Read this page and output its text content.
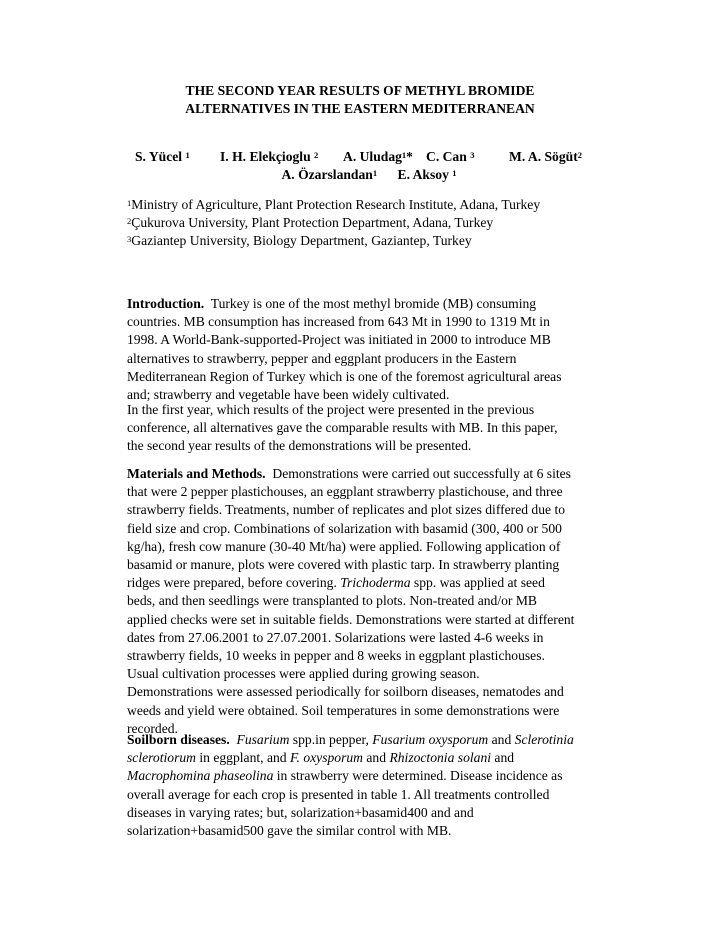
THE SECOND YEAR RESULTS OF METHYL BROMIDE
ALTERNATIVES IN THE EASTERN MEDITERRANEAN
S. Yücel $^1$ I. H. Elekçioglu $^2$ A. Uludag$^1$* C. Can $^3$	M. A. Sögüt$^2$
A. Özarslandan$^1$ E. Aksoy $^1$
$^1$Ministry of Agriculture, Plant Protection Research Institute, Adana, Turkey
$^2$Çukurova University, Plant Protection Department, Adana, Turkey
$^3$Gaziantep University, Biology Department, Gaziantep, Turkey
Introduction. Turkey is one of the most methyl bromide (MB) consuming
countries. MB consumption has increased from 643 Mt in 1990 to 1319 Mt in
1998. A World-Bank-supported-Project was initiated in 2000 to introduce MB
alternatives to strawberry, pepper and eggplant producers in the Eastern
Mediterranean Region of Turkey which is one of the foremost agricultural areas
and; strawberry and vegetable have been widely cultivated.
In the first year, which results of the project were presented in the previous
conference, all alternatives gave the comparable results with MB. In this paper,
the second year results of the demonstrations will be presented.
Materials and Methods. Demonstrations were carried out successfully at 6 sites
that were 2 pepper plastichouses, an eggplant strawberry plastichouse, and three
strawberry fields. Treatments, number of replicates and plot sizes differed due to
field size and crop. Combinations of solarization with basamid (300, 400 or 500
kg/ha), fresh cow manure (30-40 Mt/ha) were applied. Following application of
basamid or manure, plots were covered with plastic tarp. In strawberry planting
ridges were prepared, before covering. Trichoderma spp. was applied at seed
beds, and then seedlings were transplanted to plots. Non-treated and/or MB
applied checks were set in suitable fields. Demonstrations were started at different
dates from 27.06.2001 to 27.07.2001. Solarizations were lasted 4-6 weeks in
strawberry fields, 10 weeks in pepper and 8 weeks in eggplant plastichouses.
Usual cultivation processes were applied during growing season.
Demonstrations were assessed periodically for soilborn diseases, nematodes and
weeds and yield were obtained. Soil temperatures in some demonstrations were
recorded.
Soilborn diseases. Fusarium spp.in pepper, Fusarium oxysporum and Sclerotinia
sclerotiorum in eggplant, and F. oxysporum and Rhizoctonia solani and
Macrophomina phaseolina in strawberry were determined. Disease incidence as
overall average for each crop is presented in table 1. All treatments controlled
diseases in varying rates; but, solarization+basamid400 and and
solarization+basamid500 gave the similar control with MB.
